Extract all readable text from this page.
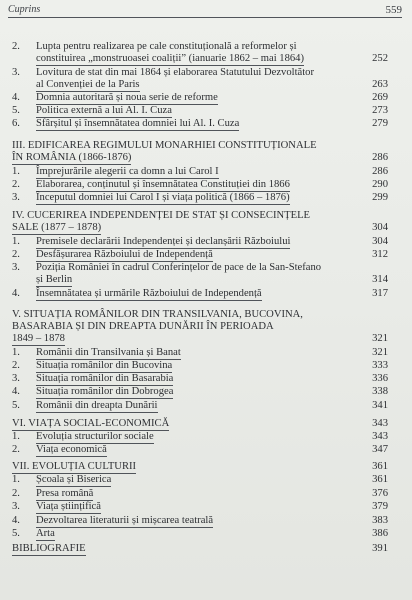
Cuprins	559
2. Lupta pentru realizarea pe cale constituțională a reformelor și
constituirea „monstruoasei coaliții” (ianuarie 1862 – mai 1864)	252
3. Lovitura de stat din mai 1864 și elaborarea Statutului Dezvoltător
al Convenției de la Paris	263
4. Domnia autoritară și noua serie de reforme	269
5. Politica externă a lui Al. I. Cuza	273
6. Sfârșitul și însemnătatea domniei lui Al. I. Cuza	279
III. EDIFICAREA REGIMULUI MONARHIEI CONSTITUȚIONALE
ÎN ROMÂNIA (1866-1876)	286
1. Împrejurările alegerii ca domn a lui Carol I	286
2. Elaborarea, conținutul și însemnătatea Constituției din 1866	290
3. Începutul domniei lui Carol I și viața politică (1866 – 1876)	299
IV. CUCERIREA INDEPENDENȚEI DE STAT ȘI CONSECINȚELE
SALE (1877 – 1878)	304
1. Premisele declarării Independenței și declanșării Războiului	304
2. Desfășurarea Războiului de Independență	312
3. Poziția României în cadrul Conferințelor de pace de la San-Stefano
și Berlin	314
4. Însemnătatea și urmările Războiului de Independență	317
V. SITUAȚIA ROMÂNILOR DIN TRANSILVANIA, BUCOVINA,
BASARABIA ȘI DIN DREAPTA DUNĂRII ÎN PERIOADA
1849 – 1878	321
1. Românii din Transilvania și Banat	321
2. Situația românilor din Bucovina	333
3. Situația românilor din Basarabia	336
4. Situația românilor din Dobrogea	338
5. Românii din dreapta Dunării	341
VI. VIAȚA SOCIAL-ECONOMICĂ	343
1. Evoluția structurilor sociale	343
2. Viața economică	347
VII. EVOLUȚIA CULTURII	361
1. Școala și Biserica	361
2. Presa română	376
3. Viața științifică	379
4. Dezvoltarea literaturii și mișcarea teatrală	383
5. Arta	386
BIBLIOGRAFIE	391
